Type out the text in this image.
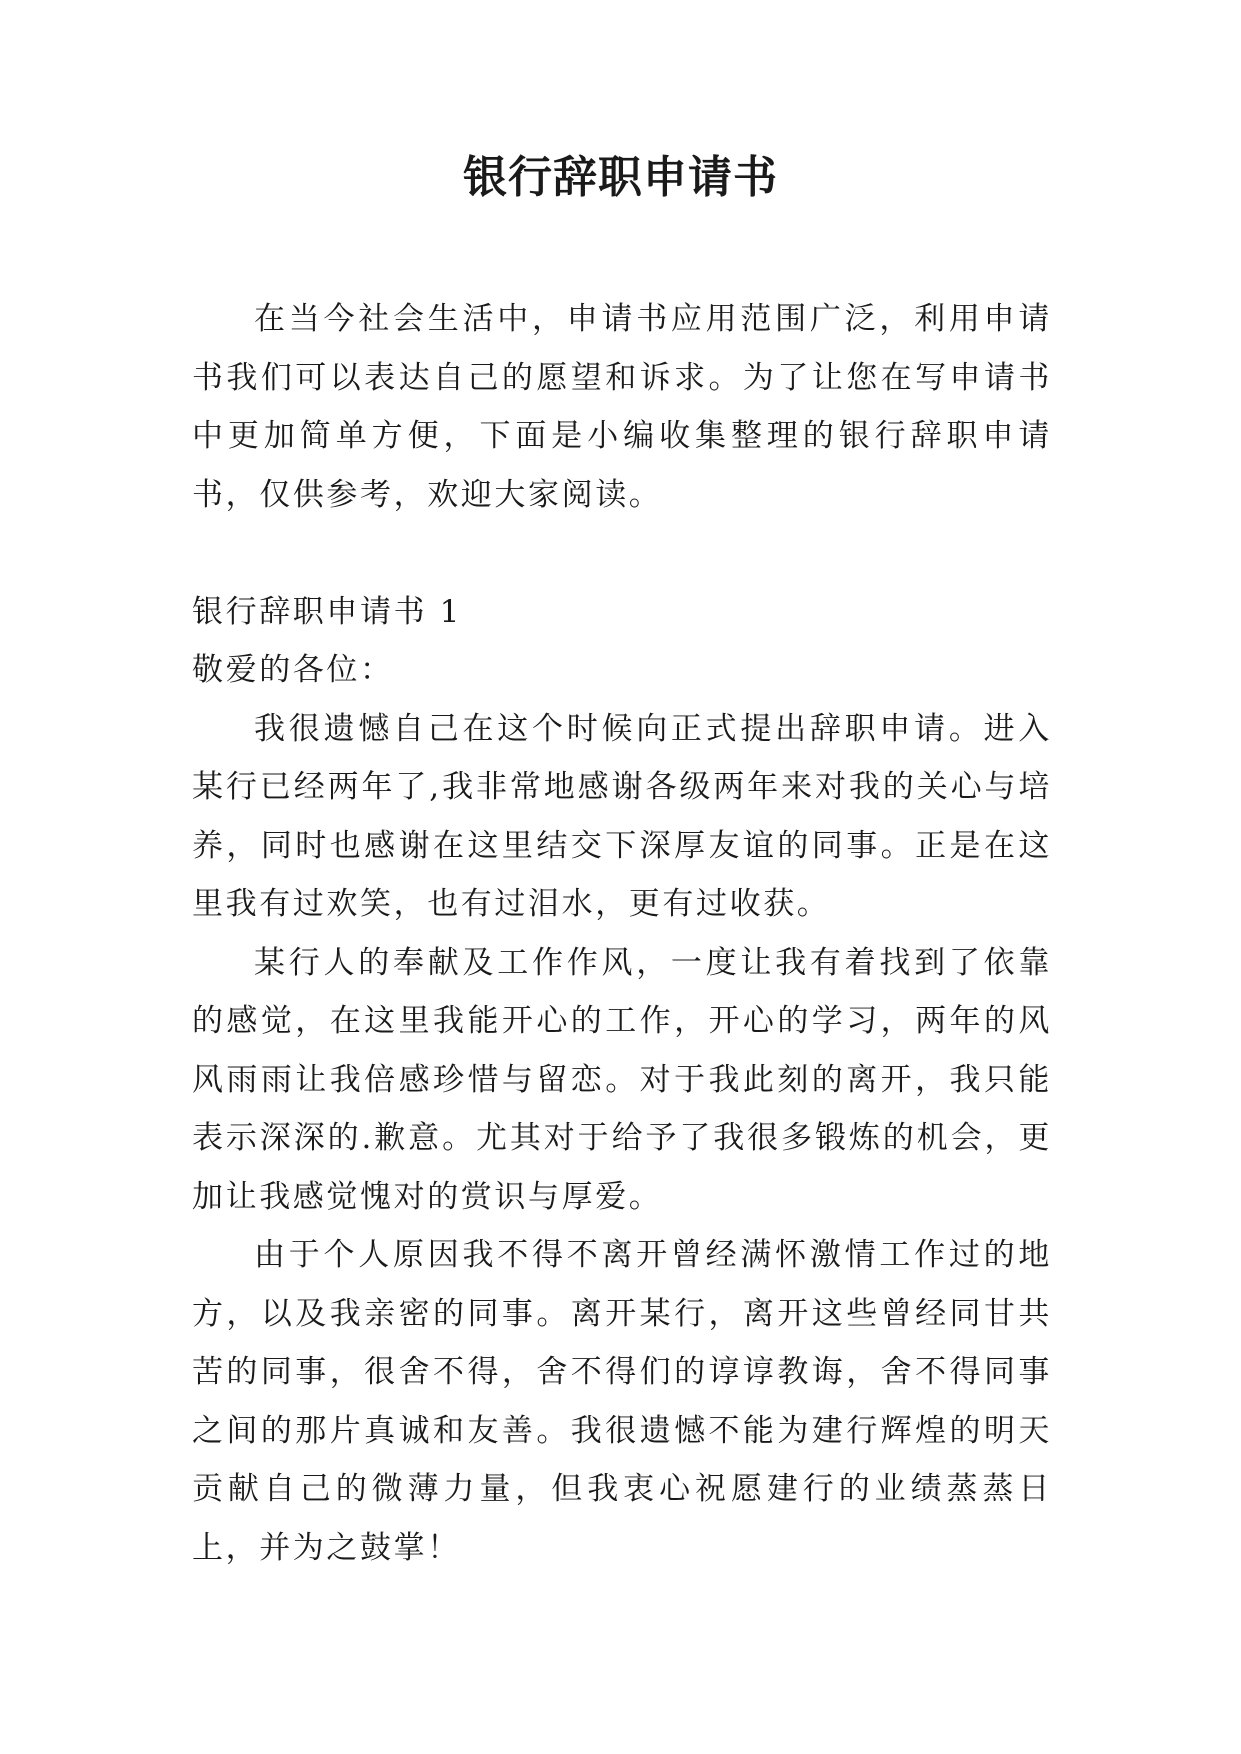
银行辞职申请书

在当今社会生活中，申请书应用范围广泛，利用申请书我们可以表达自己的愿望和诉求。为了让您在写申请书中更加简单方便，下面是小编收集整理的银行辞职申请书，仅供参考，欢迎大家阅读。

银行辞职申请书 1

敬爱的各位：

我很遗憾自己在这个时候向正式提出辞职申请。进入某行已经两年了,我非常地感谢各级两年来对我的关心与培养，同时也感谢在这里结交下深厚友谊的同事。正是在这里我有过欢笑，也有过泪水，更有过收获。

某行人的奉献及工作作风，一度让我有着找到了依靠的感觉，在这里我能开心的工作，开心的学习，两年的风风雨雨让我倍感珍惜与留恋。对于我此刻的离开，我只能表示深深的.歉意。尤其对于给予了我很多锻炼的机会，更加让我感觉愧对的赏识与厚爱。

由于个人原因我不得不离开曾经满怀激情工作过的地方，以及我亲密的同事。离开某行，离开这些曾经同甘共苦的同事，很舍不得，舍不得们的谆谆教诲，舍不得同事之间的那片真诚和友善。我很遗憾不能为建行辉煌的明天贡献自己的微薄力量，但我衷心祝愿建行的业绩蒸蒸日上，并为之鼓掌！
